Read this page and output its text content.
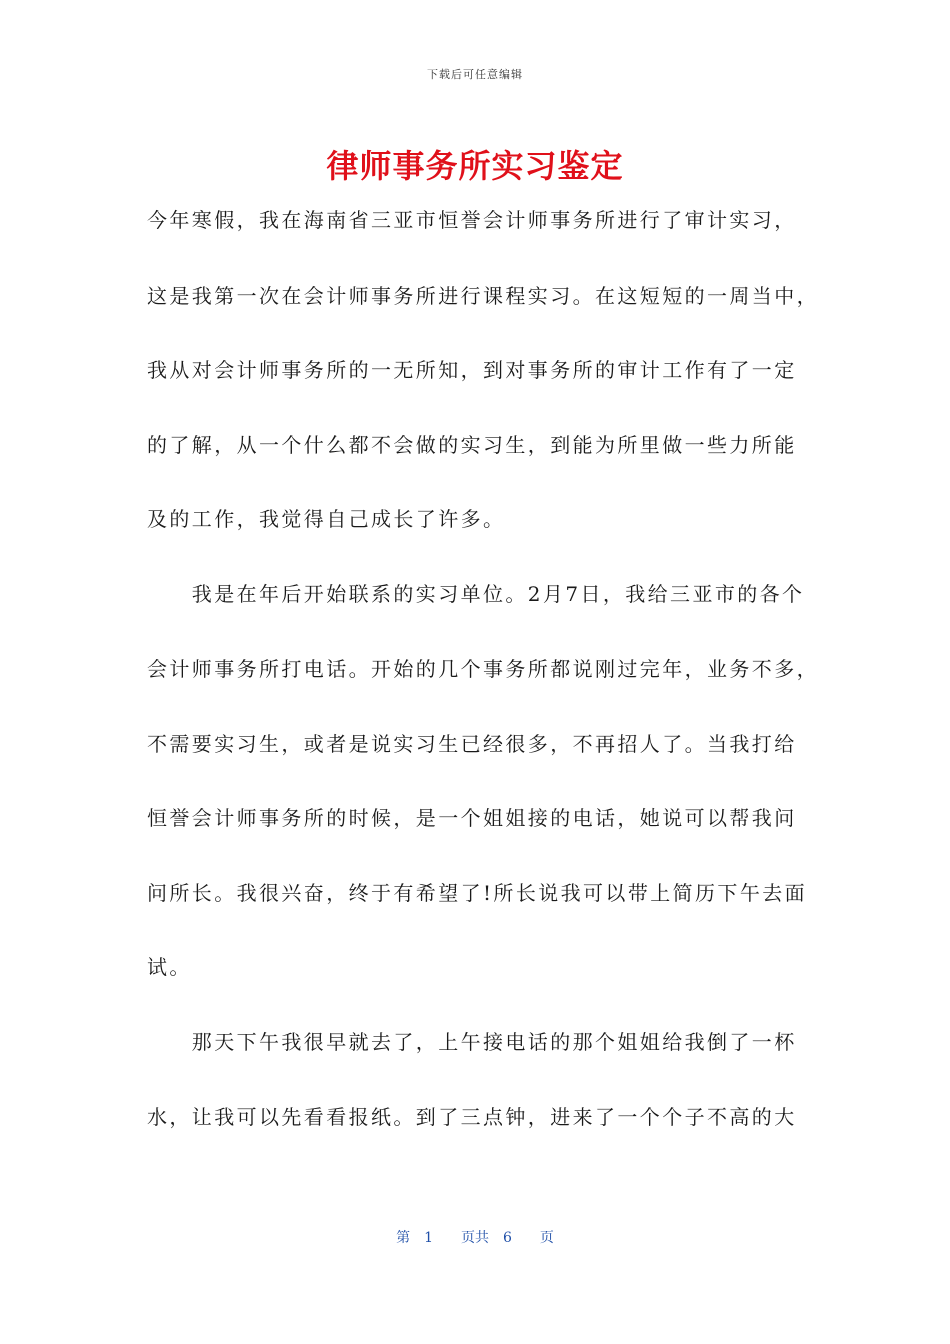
下载后可任意编辑
律师事务所实习鉴定
今年寒假，我在海南省三亚市恒誉会计师事务所进行了审计实习，
这是我第一次在会计师事务所进行课程实习。在这短短的一周当中，
我从对会计师事务所的一无所知，到对事务所的审计工作有了一定
的了解，从一个什么都不会做的实习生，到能为所里做一些力所能
及的工作，我觉得自己成长了许多。
　　我是在年后开始联系的实习单位。2月7日，我给三亚市的各个
会计师事务所打电话。开始的几个事务所都说刚过完年，业务不多，
不需要实习生，或者是说实习生已经很多，不再招人了。当我打给
恒誉会计师事务所的时候，是一个姐姐接的电话，她说可以帮我问
问所长。我很兴奋，终于有希望了!所长说我可以带上简历下午去面
试。
　　那天下午我很早就去了，上午接电话的那个姐姐给我倒了一杯
水，让我可以先看看报纸。到了三点钟，进来了一个个子不高的大
第　1　　页共　6　　页
